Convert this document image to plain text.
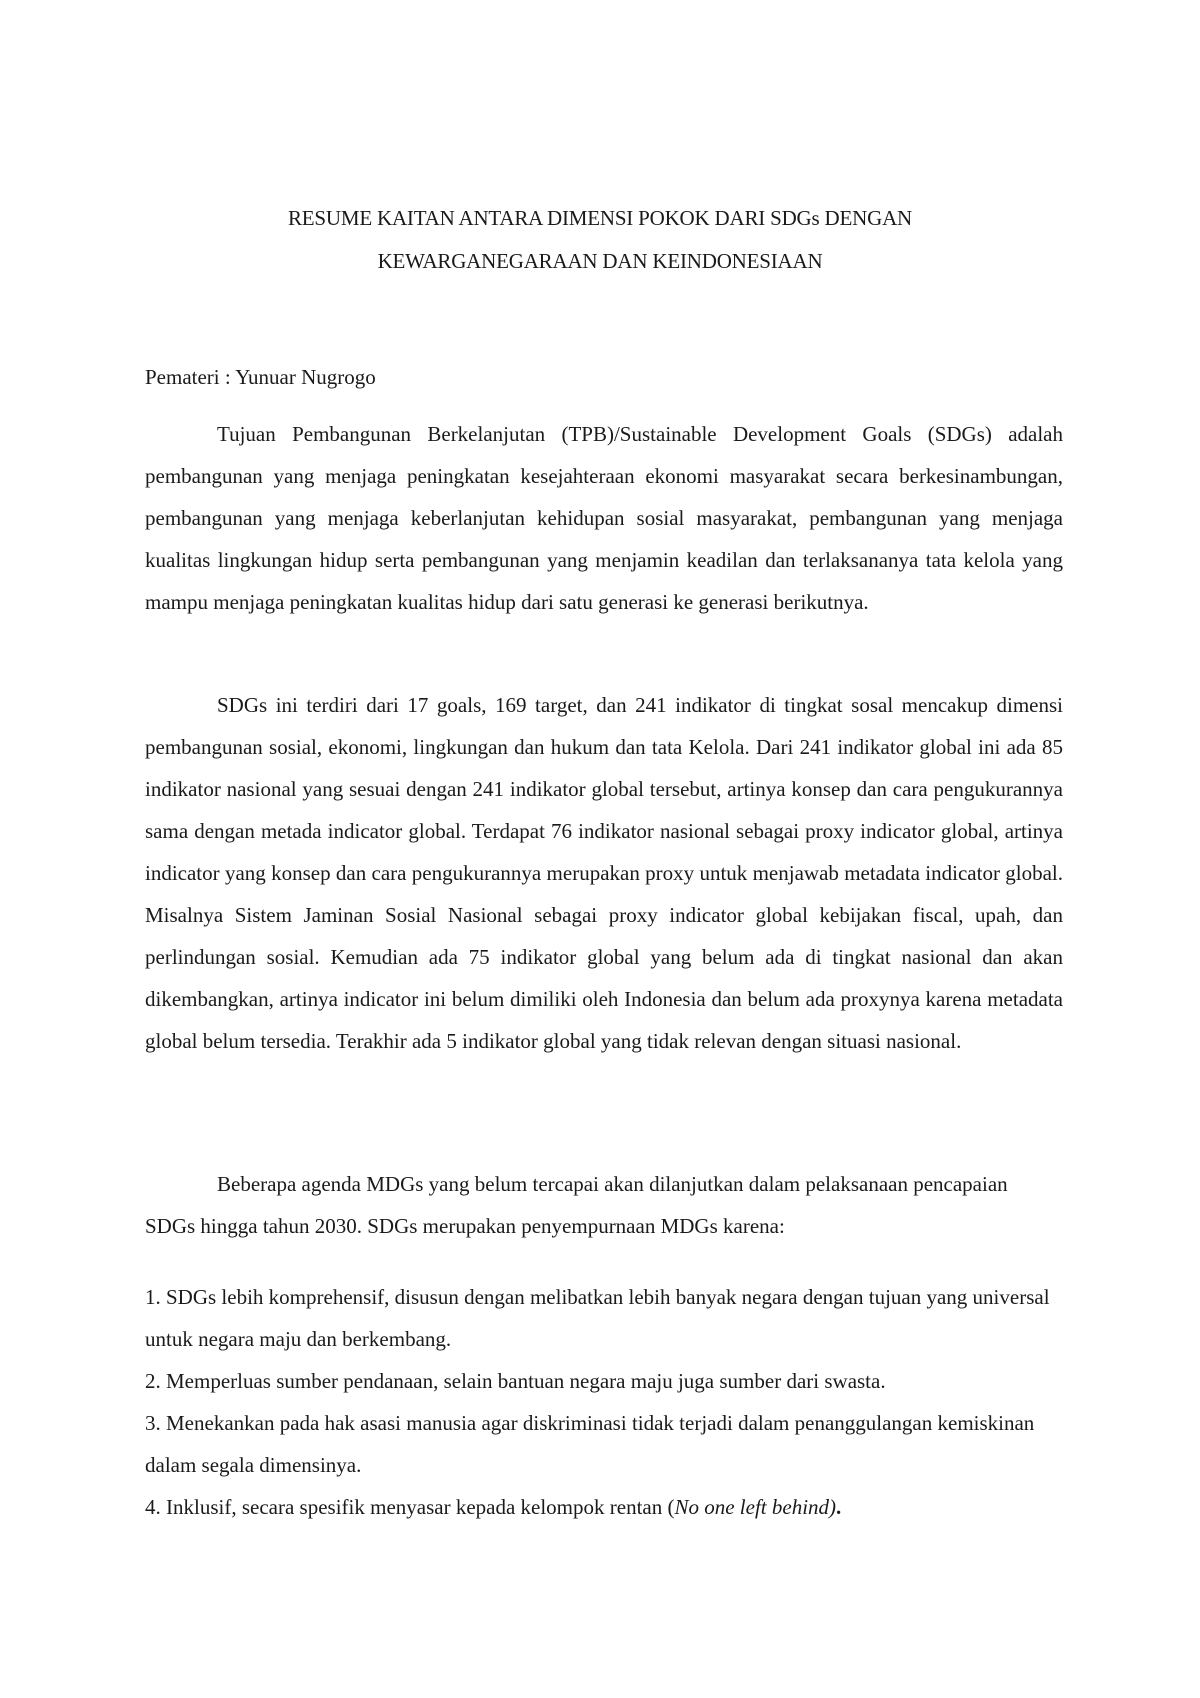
RESUME KAITAN ANTARA DIMENSI POKOK DARI SDGs DENGAN
KEWARGANEGARAAN DAN KEINDONESIAAN
Pemateri : Yunuar Nugrogo

Tujuan Pembangunan Berkelanjutan (TPB)/Sustainable Development Goals (SDGs) adalah pembangunan yang menjaga peningkatan kesejahteraan ekonomi masyarakat secara berkesinambungan, pembangunan yang menjaga keberlanjutan kehidupan sosial masyarakat, pembangunan yang menjaga kualitas lingkungan hidup serta pembangunan yang menjamin keadilan dan terlaksananya tata kelola yang mampu menjaga peningkatan kualitas hidup dari satu generasi ke generasi berikutnya.

SDGs ini terdiri dari 17 goals, 169 target, dan 241 indikator di tingkat sosal mencakup dimensi pembangunan sosial, ekonomi, lingkungan dan hukum dan tata Kelola. Dari 241 indikator global ini ada 85 indikator nasional yang sesuai dengan 241 indikator global tersebut, artinya konsep dan cara pengukurannya sama dengan metada indicator global. Terdapat 76 indikator nasional sebagai proxy indicator global, artinya indicator yang konsep dan cara pengukurannya merupakan proxy untuk menjawab metadata indicator global. Misalnya Sistem Jaminan Sosial Nasional sebagai proxy indicator global kebijakan fiscal, upah, dan perlindungan sosial. Kemudian ada 75 indikator global yang belum ada di tingkat nasional dan akan dikembangkan, artinya indicator ini belum dimiliki oleh Indonesia dan belum ada proxynya karena metadata global belum tersedia. Terakhir ada 5 indikator global yang tidak relevan dengan situasi nasional.

Beberapa agenda MDGs yang belum tercapai akan dilanjutkan dalam pelaksanaan pencapaian SDGs hingga tahun 2030. SDGs merupakan penyempurnaan MDGs karena:

1. SDGs lebih komprehensif, disusun dengan melibatkan lebih banyak negara dengan tujuan yang universal untuk negara maju dan berkembang.
2. Memperluas sumber pendanaan, selain bantuan negara maju juga sumber dari swasta.
3. Menekankan pada hak asasi manusia agar diskriminasi tidak terjadi dalam penanggulangan kemiskinan dalam segala dimensinya.
4. Inklusif, secara spesifik menyasar kepada kelompok rentan (No one left behind).
